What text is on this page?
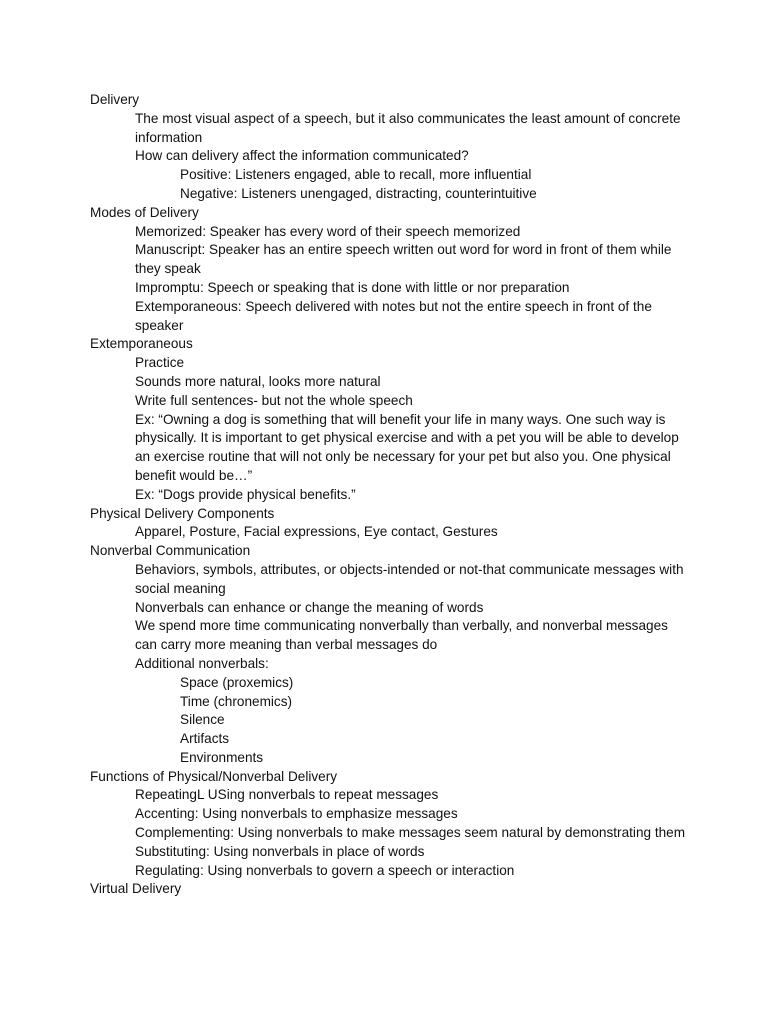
Delivery

The most visual aspect of a speech, but it also communicates the least amount of concrete information

How can delivery affect the information communicated?

Positive: Listeners engaged, able to recall, more influential

Negative: Listeners unengaged, distracting, counterintuitive

Modes of Delivery

Memorized: Speaker has every word of their speech memorized

Manuscript: Speaker has an entire speech written out word for word in front of them while they speak

Impromptu: Speech or speaking that is done with little or nor preparation

Extemporaneous: Speech delivered with notes but not the entire speech in front of the speaker

Extemporaneous

Practice

Sounds more natural, looks more natural

Write full sentences- but not the whole speech

Ex: “Owning a dog is something that will benefit your life in many ways. One such way is physically. It is important to get physical exercise and with a pet you will be able to develop an exercise routine that will not only be necessary for your pet but also you. One physical benefit would be…”

Ex: “Dogs provide physical benefits.”

Physical Delivery Components

Apparel, Posture, Facial expressions, Eye contact, Gestures

Nonverbal Communication

Behaviors, symbols, attributes, or objects-intended or not-that communicate messages with social meaning

Nonverbals can enhance or change the meaning of words

We spend more time communicating nonverbally than verbally, and nonverbal messages can carry more meaning than verbal messages do

Additional nonverbals:

Space (proxemics)

Time (chronemics)

Silence

Artifacts

Environments

Functions of Physical/Nonverbal Delivery

RepeatingL USing nonverbals to repeat messages

Accenting: Using nonverbals to emphasize messages

Complementing: Using nonverbals to make messages seem natural by demonstrating them

Substituting: Using nonverbals in place of words

Regulating: Using nonverbals to govern a speech or interaction

Virtual Delivery
